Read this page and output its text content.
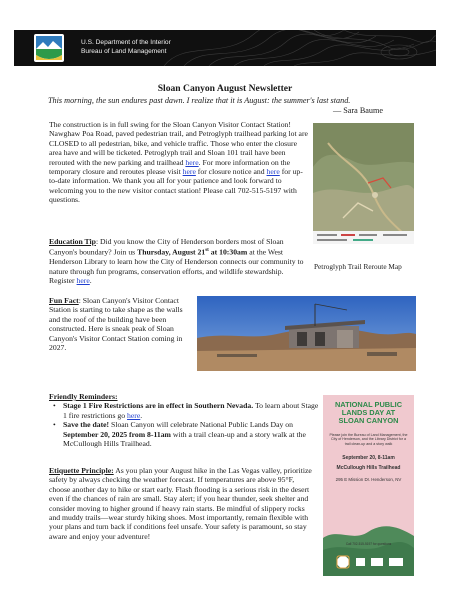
U.S. Department of the Interior
Bureau of Land Management
Sloan Canyon August Newsletter
This morning, the sun endures past dawn. I realize that it is August: the summer's last stand.
— Sara Baume
The construction is in full swing for the Sloan Canyon Visitor Contact Station! Nawghaw Poa Road, paved pedestrian trail, and Petroglyph trailhead parking lot are CLOSED to all pedestrian, bike, and vehicle traffic. Those who enter the closure area have and will be ticketed. Petroglyph trail and Sloan 101 trail have been rerouted with the new parking and trailhead here. For more information on the temporary closure and reroutes please visit here for closure notice and here for up-to-date information. We thank you all for your patience and look forward to welcoming you to the new visitor contact station! Please call 702-515-5197 with questions.
Petroglyph Trail Reroute Map
Education Tip: Did you know the City of Henderson borders most of Sloan Canyon's boundary? Join us Thursday, August 21st at 10:30am at the West Henderson Library to learn how the City of Henderson connects our community to nature through fun programs, conservation efforts, and wildlife stewardship. Register here.
Fun Fact: Sloan Canyon's Visitor Contact Station is starting to take shape as the walls and the roof of the building have been constructed. Here is sneak peak of Sloan Canyon's Visitor Contact Station coming in 2027.
Friendly Reminders:
• Stage 1 Fire Restrictions are in effect in Southern Nevada. To learn about Stage 1 fire restrictions go here.
• Save the date! Sloan Canyon will celebrate National Public Lands Day on September 20, 2025 from 8-11am with a trail clean-up and a story walk at the McCullough Hills Trailhead.
Etiquette Principle: As you plan your August hike in the Las Vegas valley, prioritize safety by always checking the weather forecast. If temperatures are above 95°F, choose another day to hike or start early. Flash flooding is a serious risk in the desert even if the chances of rain are small. Stay alert; if you hear thunder, seek shelter and consider moving to higher ground if heavy rain starts. Be mindful of slippery rocks and muddy trails—wear sturdy hiking shoes. Most importantly, remain flexible with your plans and turn back if conditions feel unsafe. Your safety is paramount, so stay aware and enjoy your adventure!
NATIONAL PUBLIC LANDS DAY AT SLOAN CANYON
Please join the Bureau of Land Management, the City of Henderson, and the Library District for a trail clean-up and a story walk
September 20, 8-11am
McCullough Hills Trailhead
295 E Mission Dr. Henderson, NV
Call 702-515-5197 for questions
